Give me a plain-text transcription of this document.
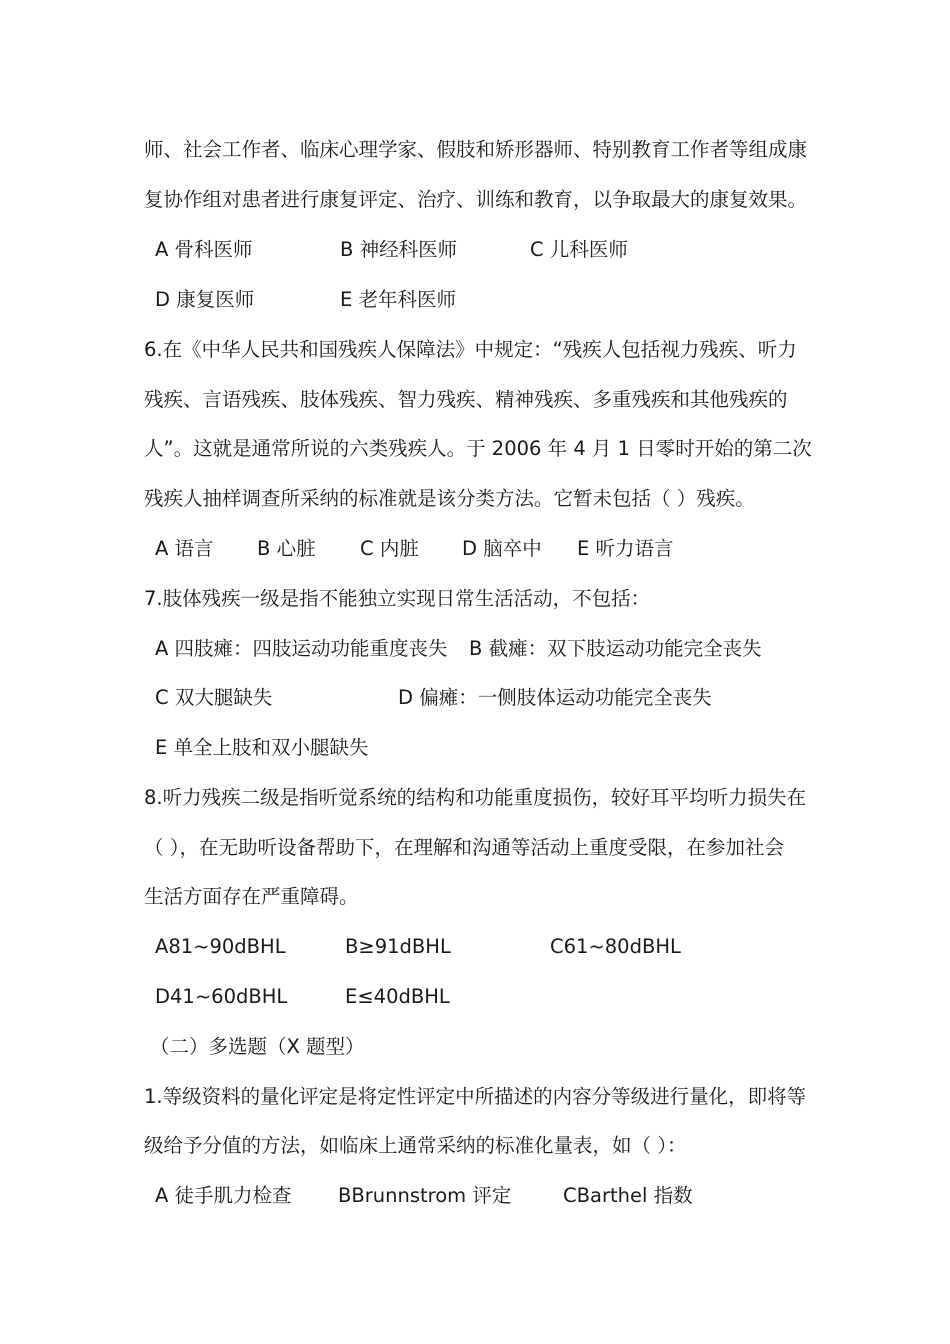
师、社会工作者、临床心理学家、假肢和矫形器师、特别教育工作者等组成康
复协作组对患者进行康复评定、治疗、训练和教育，以争取最大的康复效果。
A 骨科医师	B 神经科医师	C 儿科医师
D 康复医师	E 老年科医师
6.在《中华人民共和国残疾人保障法》中规定：“残疾人包括视力残疾、听力
残疾、言语残疾、肢体残疾、智力残疾、精神残疾、多重残疾和其他残疾的
人”。这就是通常所说的六类残疾人。于 2006 年 4 月 1 日零时开始的第二次
残疾人抽样调查所采纳的标准就是该分类方法。它暂未包括（ ）残疾。
A 语言 B 心脏 C 内脏 D 脑卒中 E 听力语言
7.肢体残疾一级是指不能独立实现日常生活活动，不包括：
A 四肢瘫：四肢运动功能重度丧失 B 截瘫：双下肢运动功能完全丧失
C 双大腿缺失	D 偏瘫：一侧肢体运动功能完全丧失
E 单全上肢和双小腿缺失
8.听力残疾二级是指听觉系统的结构和功能重度损伤，较好耳平均听力损失在
（ ），在无助听设备帮助下，在理解和沟通等活动上重度受限，在参加社会
生活方面存在严重障碍。
A81~90dBHL	B≥91dBHL	C61~80dBHL
D41~60dBHL	E≤40dBHL
（二）多选题（X 题型）
1.等级资料的量化评定是将定性评定中所描述的内容分等级进行量化，即将等
级给予分值的方法，如临床上通常采纳的标准化量表，如（ ）：
A 徒手肌力检查 BBrunnstrom 评定	CBarthel 指数
